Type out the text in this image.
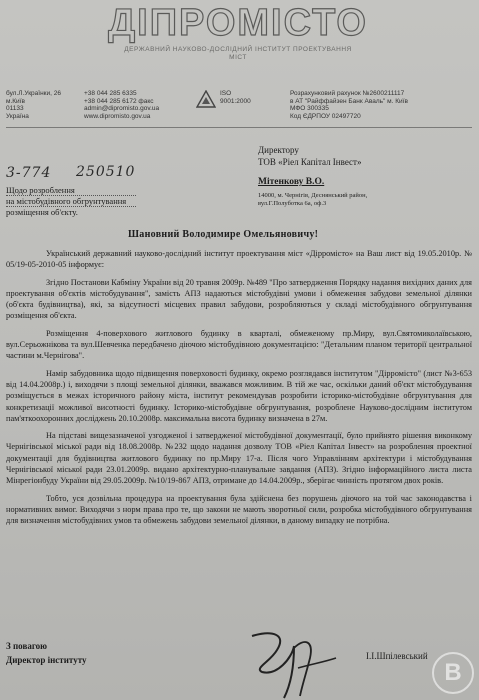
ДІПРОМІСТО
ДЕРЖАВНИЙ НАУКОВО-ДОСЛІДНИЙ ІНСТИТУТ ПРОЕКТУВАННЯ МІСТ
бул.Л.Українки, 26
м.Київ
01133
Україна
+38 044 285 6335
+38 044 285 6172 факс
admin@dipromisto.gov.ua
www.dipromisto.gov.ua
ISO 9001:2000
Розрахунковий рахунок №2600211117
в АТ "Райффайзен Банк Аваль" м. Київ
МФО 300335
Код ЄДРПОУ 02497720
3-774 250510
Щодо розроблення
на містобудівного обгрунтування
розміщення об'єкту.
Директору
ТОВ «Ріел Капітал Інвест»
Мітенкову В.О.
14000, м. Чернігів, Деснянський район,
вул.Г.Полуботка 6а, оф.3
Шановний Володимире Омельяновичу!

Український державний науково-дослідний інститут проектування міст «Дipромісто» на Ваш лист від 19.05.2010р. № 05/19-05-2010-05 інформує:

Згідно Постанови Кабміну України від 20 травня 2009р. №489 "Про затвердження Порядку надання вихідних даних для проектування об'єктів містобудування", замість АПЗ надаються містобудівні умови і обмеження забудови земельної ділянки (об'єкта будівництва), які, за відсутності місцевих правил забудови, розробляються у складі містобудівного обгрунтування розміщення об'єкта.

Розміщення 4-поверхового житлового будинку в кварталі, обмеженому пр.Миру, вул.Святомиколаївською, вул.Серьожнікова та вул.Шевченка передбачено діючою містобудівною документацією: "Детальним планом території центральної частини м.Чернігова".

Намір забудовника щодо підвищення поверховості будинку, окремо розглядався інститутом "Дipромісто" (лист №3-653 від 14.04.2008р.) і, виходячи з площі земельної ділянки, вважався можливим. В тій же час, оскільки даний об'єкт містобудування розміщується в межах історичного району міста, інститут рекомендував розробити історико-містобудівне обгрунтування для конкретизації можливої висотності будинку. Історико-містобудівне обгрунтування, розроблене Науково-дослідним інститутом пам'яткоохоронних досліджень 20.10.2008р. максимальна висота будинку визначена в 27м.

На підставі вищезазначеної узгодженої і затвердженої містобудівної документації, було прийнято рішення виконкому Чернігівської міської ради від 18.08.2008р. №232 щодо надання дозволу ТОВ «Ріел Капітал Інвест» на розроблення проектної документації для будівництва житлового будинку по пр.Миру 17-а. Після чого Управлінням архітектури і містобудування Чернігівської міської ради 23.01.2009р. видано архітектурно-планувальне завдання (АПЗ). Згідно інформаційного листа листа Мінрегіонбуду України від 29.05.2009р. №10/19-867 АПЗ, отримане до 14.04.2009р., зберігає чинність протягом двох років.

Тобто, уся дозвільна процедура на проектування була здійснена без порушень діючого на той час законодавства і нормативних вимог. Виходячи з норм права про те, що закони не мають зворотньої сили, розробка містобудівного обгрунтування для визначення містобудівних умов та обмежень забудови земельної ділянки, в даному випадку не потрібна.

З повагою
Директор інституту	І.І.Шпілевський
В
